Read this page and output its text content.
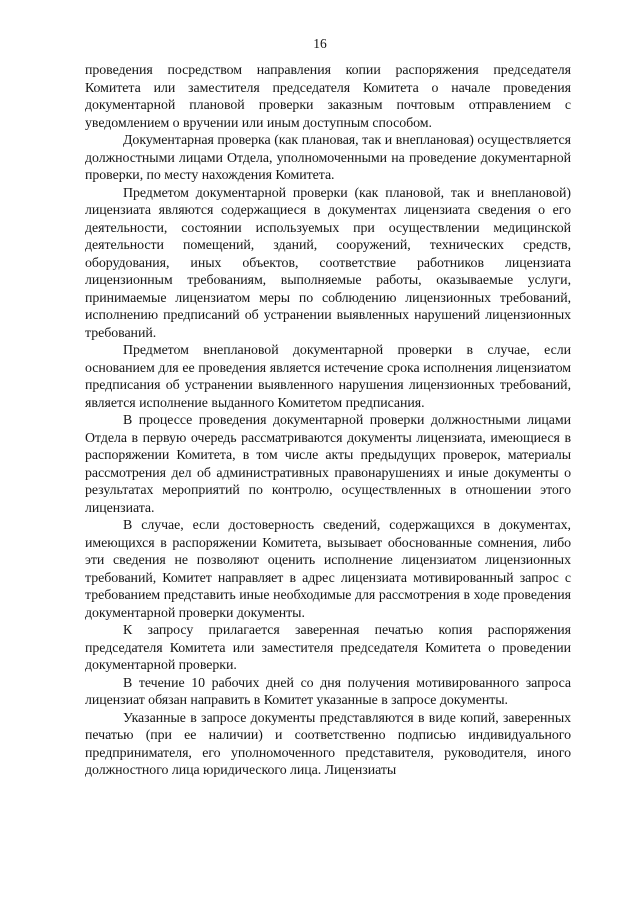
16

проведения посредством направления копии распоряжения председателя Комитета или заместителя председателя Комитета о начале проведения документарной плановой проверки заказным почтовым отправлением с уведомлением о вручении или иным доступным способом.

Документарная проверка (как плановая, так и внеплановая) осуществляется должностными лицами Отдела, уполномоченными на проведение документарной проверки, по месту нахождения Комитета.

Предметом документарной проверки (как плановой, так и внеплановой) лицензиата являются содержащиеся в документах лицензиата сведения о его деятельности, состоянии используемых при осуществлении медицинской деятельности помещений, зданий, сооружений, технических средств, оборудования, иных объектов, соответствие работников лицензиата лицензионным требованиям, выполняемые работы, оказываемые услуги, принимаемые лицензиатом меры по соблюдению лицензионных требований, исполнению предписаний об устранении выявленных нарушений лицензионных требований.

Предметом внеплановой документарной проверки в случае, если основанием для ее проведения является истечение срока исполнения лицензиатом предписания об устранении выявленного нарушения лицензионных требований, является исполнение выданного Комитетом предписания.

В процессе проведения документарной проверки должностными лицами Отдела в первую очередь рассматриваются документы лицензиата, имеющиеся в распоряжении Комитета, в том числе акты предыдущих проверок, материалы рассмотрения дел об административных правонарушениях и иные документы о результатах мероприятий по контролю, осуществленных в отношении этого лицензиата.

В случае, если достоверность сведений, содержащихся в документах, имеющихся в распоряжении Комитета, вызывает обоснованные сомнения, либо эти сведения не позволяют оценить исполнение лицензиатом лицензионных требований, Комитет направляет в адрес лицензиата мотивированный запрос с требованием представить иные необходимые для рассмотрения в ходе проведения документарной проверки документы.

К запросу прилагается заверенная печатью копия распоряжения председателя Комитета или заместителя председателя Комитета о проведении документарной проверки.

В течение 10 рабочих дней со дня получения мотивированного запроса лицензиат обязан направить в Комитет указанные в запросе документы.

Указанные в запросе документы представляются в виде копий, заверенных печатью (при ее наличии) и соответственно подписью индивидуального предпринимателя, его уполномоченного представителя, руководителя, иного должностного лица юридического лица. Лицензиаты
